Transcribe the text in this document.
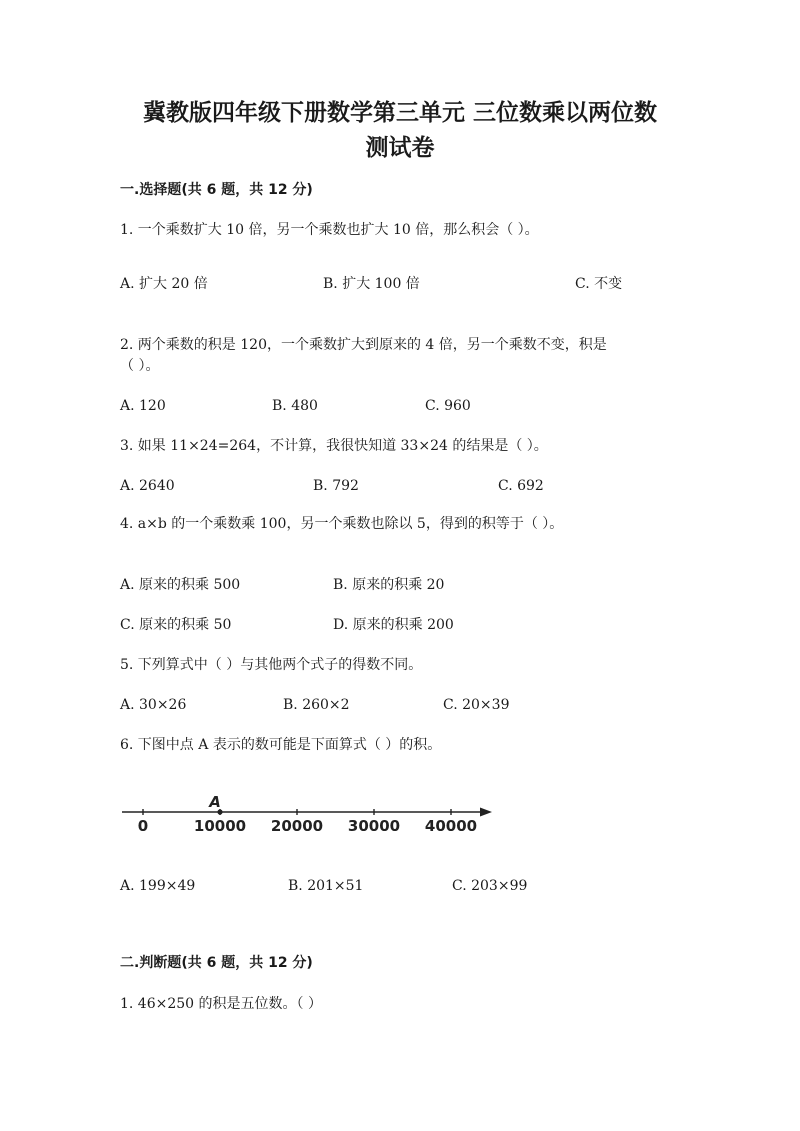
冀教版四年级下册数学第三单元 三位数乘以两位数
测试卷
一.选择题(共 6 题，共 12 分)
1. 一个乘数扩大 10 倍，另一个乘数也扩大 10 倍，那么积会（ ）。
A. 扩大 20 倍	B. 扩大 100 倍	C. 不变
2. 两个乘数的积是 120，一个乘数扩大到原来的 4 倍，另一个乘数不变，积是
（ ）。
A. 120	B. 480	C. 960
3. 如果 11×24=264，不计算，我很快知道 33×24 的结果是（ ）。
A. 2640	B. 792	C. 692
4. a×b 的一个乘数乘 100，另一个乘数也除以 5，得到的积等于（ ）。
A. 原来的积乘 500	B. 原来的积乘 20
C. 原来的积乘 50	D. 原来的积乘 200
5. 下列算式中（ ）与其他两个式子的得数不同。
A. 30×26	B. 260×2	C. 20×39
6. 下图中点 A 表示的数可能是下面算式（ ）的积。
0	10000 20000 30000 40000
A
A. 199×49	B. 201×51	C. 203×99
二.判断题(共 6 题，共 12 分)
1. 46×250 的积是五位数。（ ）
